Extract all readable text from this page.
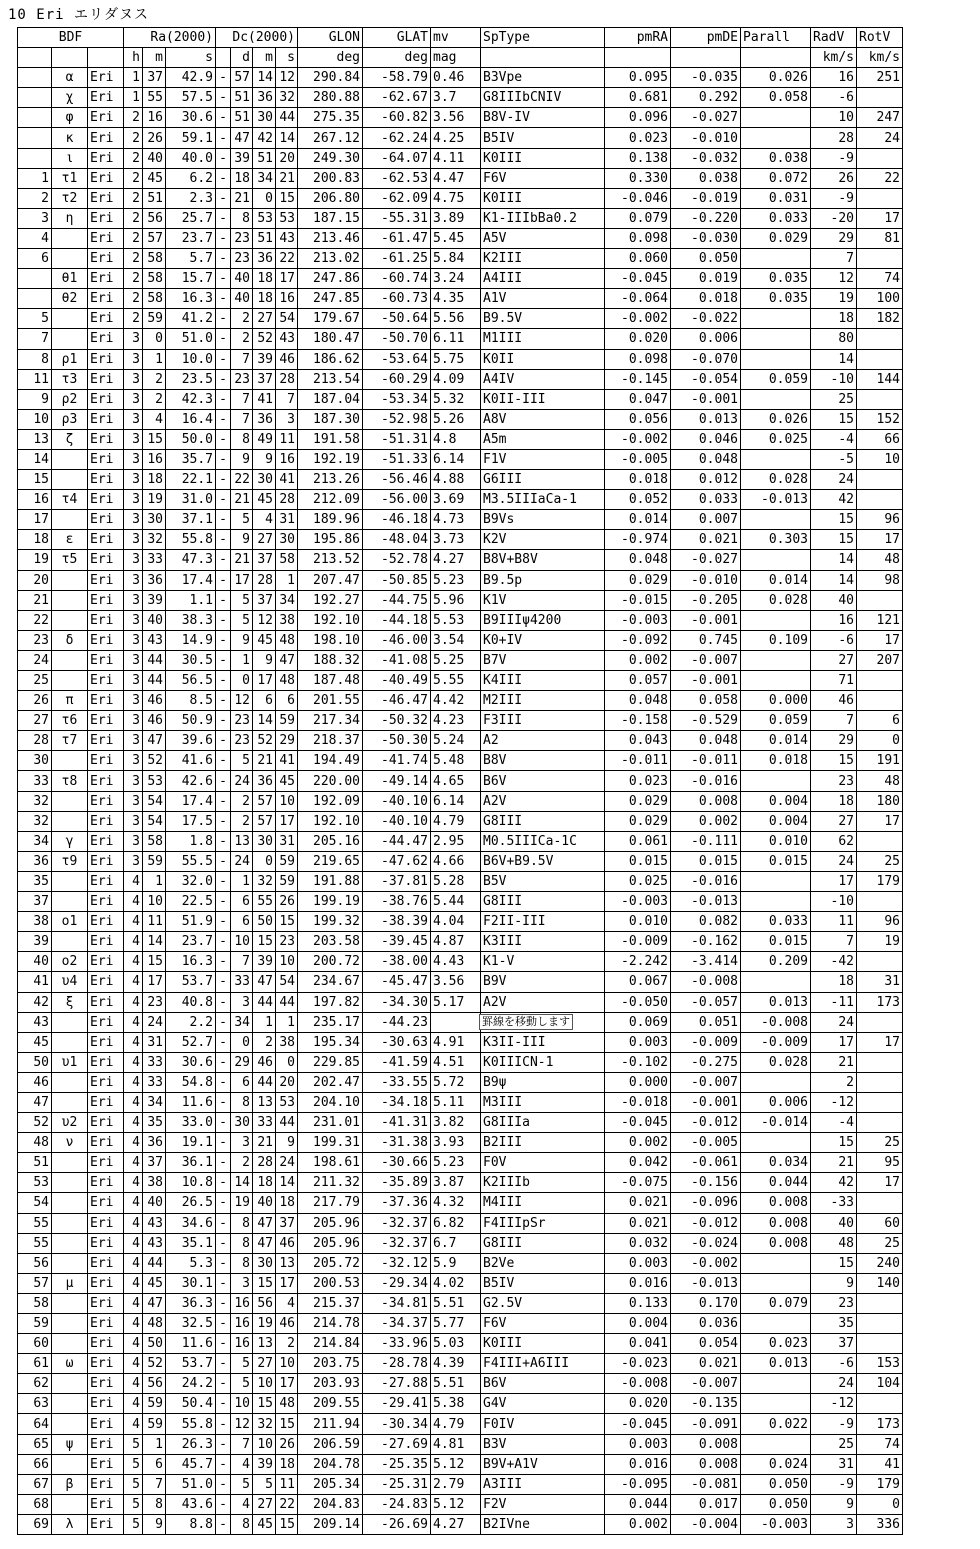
10 Eri エリダヌス
BDF			Ra(2000)			Dc(2000)				GLON	GLAT	mv	SpType	pmRA	pmDE	Parall	RadV	RotV
			h	m	s		d	m	s	deg	deg	mag					km/s	km/s
	α	Eri	1	37	42.9	-	57	14	12	290.84	-58.79	0.46	B3Vpe	0.095	-0.035	0.026	16	251
	χ	Eri	1	55	57.5	-	51	36	32	280.88	-62.67	3.7	G8IIIbCNIV	0.681	0.292	0.058	-6	
	φ	Eri	2	16	30.6	-	51	30	44	275.35	-60.82	3.56	B8V-IV	0.096	-0.027		10	247
	κ	Eri	2	26	59.1	-	47	42	14	267.12	-62.24	4.25	B5IV	0.023	-0.010		28	24
	ι	Eri	2	40	40.0	-	39	51	20	249.30	-64.07	4.11	K0III	0.138	-0.032	0.038	-9	
1	τ1	Eri	2	45	6.2	-	18	34	21	200.83	-62.53	4.47	F6V	0.330	0.038	0.072	26	22
2	τ2	Eri	2	51	2.3	-	21	0	15	206.80	-62.09	4.75	K0III	-0.046	-0.019	0.031	-9	
3	η	Eri	2	56	25.7	-	8	53	53	187.15	-55.31	3.89	K1-IIIbBa0.2	0.079	-0.220	0.033	-20	17
4		Eri	2	57	23.7	-	23	51	43	213.46	-61.47	5.45	A5V	0.098	-0.030	0.029	29	81
6		Eri	2	58	5.7	-	23	36	22	213.02	-61.25	5.84	K2III	0.060	0.050		7	
	θ1	Eri	2	58	15.7	-	40	18	17	247.86	-60.74	3.24	A4III	-0.045	0.019	0.035	12	74
	θ2	Eri	2	58	16.3	-	40	18	16	247.85	-60.73	4.35	A1V	-0.064	0.018	0.035	19	100
5		Eri	2	59	41.2	-	2	27	54	179.67	-50.64	5.56	B9.5V	-0.002	-0.022		18	182
7		Eri	3	0	51.0	-	2	52	43	180.47	-50.70	6.11	M1III	0.020	0.006		80	
8	ρ1	Eri	3	1	10.0	-	7	39	46	186.62	-53.64	5.75	K0II	0.098	-0.070		14	
11	τ3	Eri	3	2	23.5	-	23	37	28	213.54	-60.29	4.09	A4IV	-0.145	-0.054	0.059	-10	144
9	ρ2	Eri	3	2	42.3	-	7	41	7	187.04	-53.34	5.32	K0II-III	0.047	-0.001		25	
10	ρ3	Eri	3	4	16.4	-	7	36	3	187.30	-52.98	5.26	A8V	0.056	0.013	0.026	15	152
13	ζ	Eri	3	15	50.0	-	8	49	11	191.58	-51.31	4.8	A5m	-0.002	0.046	0.025	-4	66
14		Eri	3	16	35.7	-	9	9	16	192.19	-51.33	6.14	F1V	-0.005	0.048		-5	10
15		Eri	3	18	22.1	-	22	30	41	213.26	-56.46	4.88	G6III	0.018	0.012	0.028	24	
16	τ4	Eri	3	19	31.0	-	21	45	28	212.09	-56.00	3.69	M3.5IIIaCa-1	0.052	0.033	-0.013	42	
17		Eri	3	30	37.1	-	5	4	31	189.96	-46.18	4.73	B9Vs	0.014	0.007		15	96
18	ε	Eri	3	32	55.8	-	9	27	30	195.86	-48.04	3.73	K2V	-0.974	0.021	0.303	15	17
19	τ5	Eri	3	33	47.3	-	21	37	58	213.52	-52.78	4.27	B8V+B8V	0.048	-0.027		14	48
20		Eri	3	36	17.4	-	17	28	1	207.47	-50.85	5.23	B9.5p	0.029	-0.010	0.014	14	98
21		Eri	3	39	1.1	-	5	37	34	192.27	-44.75	5.96	K1V	-0.015	-0.205	0.028	40	
22		Eri	3	40	38.3	-	5	12	38	192.10	-44.18	5.53	B9IIIψ4200	-0.003	-0.001		16	121
23	δ	Eri	3	43	14.9	-	9	45	48	198.10	-46.00	3.54	K0+IV	-0.092	0.745	0.109	-6	17
24		Eri	3	44	30.5	-	1	9	47	188.32	-41.08	5.25	B7V	0.002	-0.007		27	207
25		Eri	3	44	56.5	-	0	17	48	187.48	-40.49	5.55	K4III	0.057	-0.001		71	
26	π	Eri	3	46	8.5	-	12	6	6	201.55	-46.47	4.42	M2III	0.048	0.058	0.000	46	
27	τ6	Eri	3	46	50.9	-	23	14	59	217.34	-50.32	4.23	F3III	-0.158	-0.529	0.059	7	6
28	τ7	Eri	3	47	39.6	-	23	52	29	218.37	-50.30	5.24	A2	0.043	0.048	0.014	29	0
30		Eri	3	52	41.6	-	5	21	41	194.49	-41.74	5.48	B8V	-0.011	-0.011	0.018	15	191
33	τ8	Eri	3	53	42.6	-	24	36	45	220.00	-49.14	4.65	B6V	0.023	-0.016		23	48
32		Eri	3	54	17.4	-	2	57	10	192.09	-40.10	6.14	A2V	0.029	0.008	0.004	18	180
32		Eri	3	54	17.5	-	2	57	17	192.10	-40.10	4.79	G8III	0.029	0.002	0.004	27	17
34	γ	Eri	3	58	1.8	-	13	30	31	205.16	-44.47	2.95	M0.5IIICa-1C	0.061	-0.111	0.010	62	
36	τ9	Eri	3	59	55.5	-	24	0	59	219.65	-47.62	4.66	B6V+B9.5V	0.015	0.015	0.015	24	25
35		Eri	4	1	32.0	-	1	32	59	191.88	-37.81	5.28	B5V	0.025	-0.016		17	179
37		Eri	4	10	22.5	-	6	55	26	199.19	-38.76	5.44	G8III	-0.003	-0.013		-10	
38	ο1	Eri	4	11	51.9	-	6	50	15	199.32	-38.39	4.04	F2II-III	0.010	0.082	0.033	11	96
39		Eri	4	14	23.7	-	10	15	23	203.58	-39.45	4.87	K3III	-0.009	-0.162	0.015	7	19
40	ο2	Eri	4	15	16.3	-	7	39	10	200.72	-38.00	4.43	K1-V	-2.242	-3.414	0.209	-42	
41	υ4	Eri	4	17	53.7	-	33	47	54	234.67	-45.47	3.56	B9V	0.067	-0.008		18	31
42	ξ	Eri	4	23	40.8	-	3	44	44	197.82	-34.30	5.17	A2V	-0.050	-0.057	0.013	-11	173
43		Eri	4	24	2.2	-	34	1	1	235.17	-44.23			0.069	0.051	-0.008	24	
45		Eri	4	31	52.7	-	0	2	38	195.34	-30.63	4.91	K3II-III	0.003	-0.009	-0.009	17	17
50	υ1	Eri	4	33	30.6	-	29	46	0	229.85	-41.59	4.51	K0IIICN-1	-0.102	-0.275	0.028	21	
46		Eri	4	33	54.8	-	6	44	20	202.47	-33.55	5.72	B9ψ	0.000	-0.007		2	
47		Eri	4	34	11.6	-	8	13	53	204.10	-34.18	5.11	M3III	-0.018	-0.001	0.006	-12	
52	υ2	Eri	4	35	33.0	-	30	33	44	231.01	-41.31	3.82	G8IIIa	-0.045	-0.012	-0.014	-4	
48	ν	Eri	4	36	19.1	-	3	21	9	199.31	-31.38	3.93	B2III	0.002	-0.005		15	25
51		Eri	4	37	36.1	-	2	28	24	198.61	-30.66	5.23	F0V	0.042	-0.061	0.034	21	95
53		Eri	4	38	10.8	-	14	18	14	211.32	-35.89	3.87	K2IIIb	-0.075	-0.156	0.044	42	17
54		Eri	4	40	26.5	-	19	40	18	217.79	-37.36	4.32	M4III	0.021	-0.096	0.008	-33	
55		Eri	4	43	34.6	-	8	47	37	205.96	-32.37	6.82	F4IIIpSr	0.021	-0.012	0.008	40	60
55		Eri	4	43	35.1	-	8	47	46	205.96	-32.37	6.7	G8III	0.032	-0.024	0.008	48	25
56		Eri	4	44	5.3	-	8	30	13	205.72	-32.12	5.9	B2Ve	0.003	-0.002		15	240
57	μ	Eri	4	45	30.1	-	3	15	17	200.53	-29.34	4.02	B5IV	0.016	-0.013		9	140
58		Eri	4	47	36.3	-	16	56	4	215.37	-34.81	5.51	G2.5V	0.133	0.170	0.079	23	
59		Eri	4	48	32.5	-	16	19	46	214.78	-34.37	5.77	F6V	0.004	0.036		35	
60		Eri	4	50	11.6	-	16	13	2	214.84	-33.96	5.03	K0III	0.041	0.054	0.023	37	
61	ω	Eri	4	52	53.7	-	5	27	10	203.75	-28.78	4.39	F4III+A6III	-0.023	0.021	0.013	-6	153
62		Eri	4	56	24.2	-	5	10	17	203.93	-27.88	5.51	B6V	-0.008	-0.007		24	104
63		Eri	4	59	50.4	-	10	15	48	209.55	-29.41	5.38	G4V	0.020	-0.135		-12	
64		Eri	4	59	55.8	-	12	32	15	211.94	-30.34	4.79	F0IV	-0.045	-0.091	0.022	-9	173
65	ψ	Eri	5	1	26.3	-	7	10	26	206.59	-27.69	4.81	B3V	0.003	0.008		25	74
66		Eri	5	6	45.7	-	4	39	18	204.78	-25.35	5.12	B9V+A1V	0.016	0.008	0.024	31	41
67	β	Eri	5	7	51.0	-	5	5	11	205.34	-25.31	2.79	A3III	-0.095	-0.081	0.050	-9	179
68		Eri	5	8	43.6	-	4	27	22	204.83	-24.83	5.12	F2V	0.044	0.017	0.050	9	0
69	λ	Eri	5	9	8.8	-	8	45	15	209.14	-26.69	4.27	B2IVne	0.002	-0.004	-0.003	3	336
罫線を移動します
